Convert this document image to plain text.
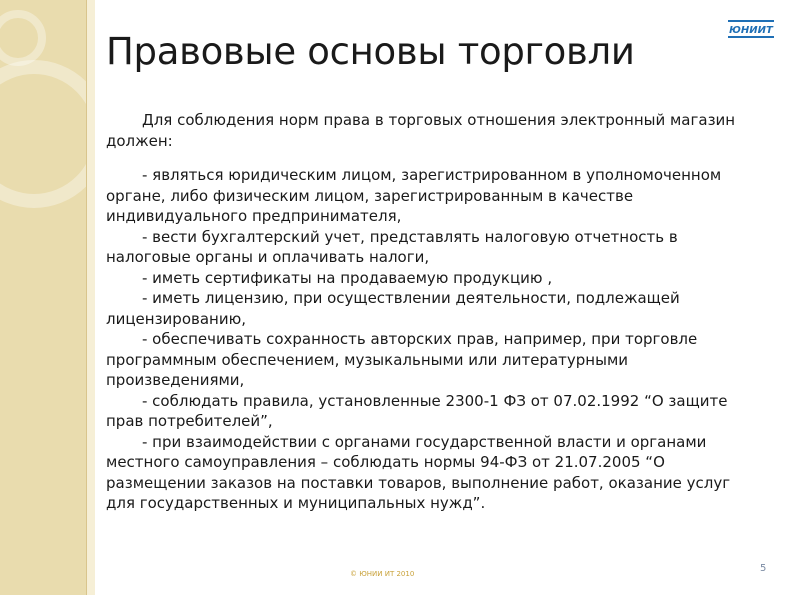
Правовые основы торговли	ЮНИИТ

Для соблюдения норм права в торговых отношения электронный магазин должен:

- являться юридическим лицом, зарегистрированном в уполномоченном органе, либо физическим лицом, зарегистрированным в качестве индивидуального предпринимателя,

- вести бухгалтерский учет, представлять налоговую отчетность в налоговые органы и оплачивать налоги,

- иметь сертификаты на продаваемую продукцию ,

- иметь лицензию, при осуществлении деятельности, подлежащей лицензированию,

- обеспечивать сохранность авторских прав, например, при торговле программным обеспечением, музыкальными или литературными произведениями,

- соблюдать правила, установленные 2300-1 ФЗ от 07.02.1992 “О защите прав потребителей”,

- при взаимодействии с органами государственной власти и органами местного самоуправления – соблюдать нормы 94-ФЗ от 21.07.2005 “О размещении заказов на поставки товаров, выполнение работ, оказание услуг для государственных и муниципальных нужд”.

© ЮНИИ ИТ 2010	5
